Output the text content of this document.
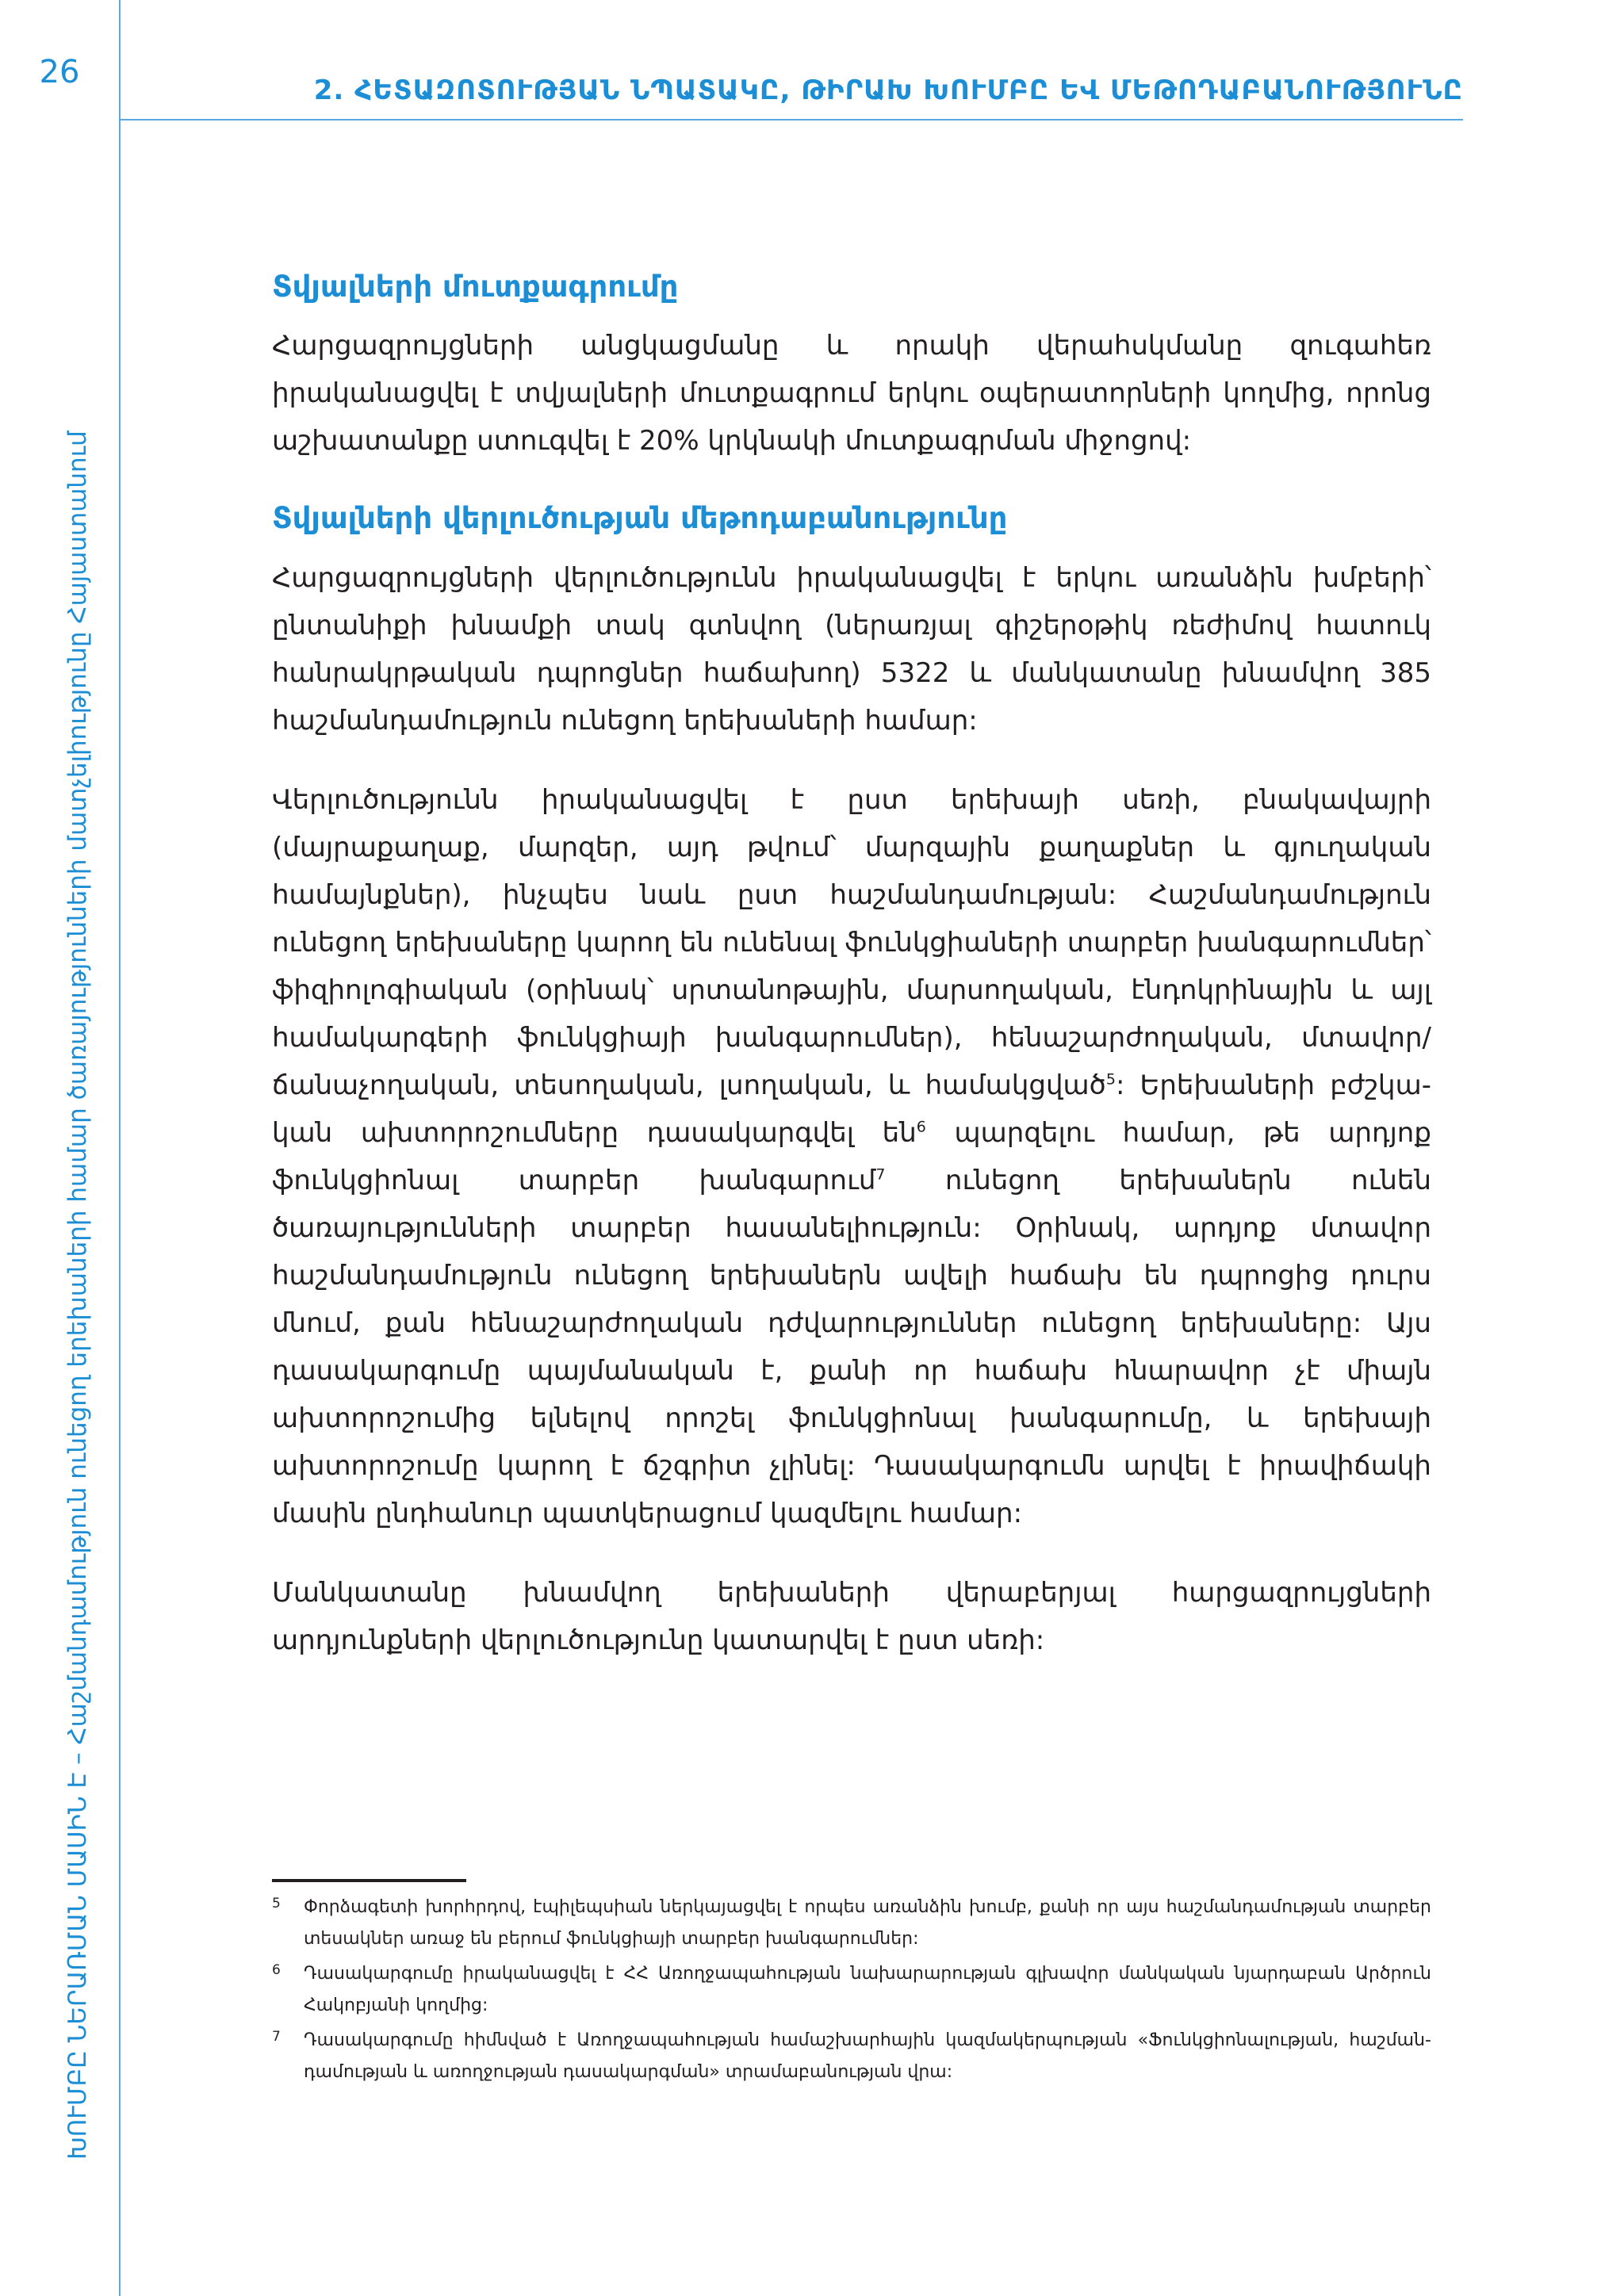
26	2. ՀԵՏԱԶՈՏՈՒԹՅԱՆ ՆՊԱՏԱԿԸ, ԹԻՐԱԽ ԽՈՒՄԲԸ ԵՎ ՄԵԹՈԴԱԲԱՆՈՒԹՅՈՒՆԸ
ԽՈՒՄԲԸ ՆԵՐԱՌՄԱՆ ՄԱՍԻՆ Է – Հաշմանդամություն ունեցող երեխաների համար ծառայությունների մատչելիությունը Հայաստանում
Տվյալների մուտքագրումը

Հարցազրույցների անցկացմանը և որակի վերահսկմանը զուգահեռ իրականացվել է տվյալների մուտքագրում երկու օպերատորների կողմից, որոնց աշխատանքը ստուգվել է 20% կրկնակի մուտքագրման միջոցով:

Տվյալների վերլուծության մեթոդաբանությունը

Հարցազրույցների վերլուծությունն իրականացվել է երկու առանձին խմբերի՝ ընտանիքի խնամքի տակ գտնվող (ներառյալ գիշերօթիկ ռեժիմով հատուկ հանրակրթական դպրոցներ հաճախող) 5322 և մանկատանը խնամվող 385 հաշմանդամություն ունեցող երեխաների համար:

Վերլուծությունն իրականացվել է ըստ երեխայի սեռի, բնակավայրի (մայրաքաղաք, մարզեր, այդ թվում՝ մարզային քաղաքներ և գյուղական համայնքներ), ինչպես նաև ըստ հաշմանդամության: Հաշմանդամություն ունեցող երեխաները կարող են ունենալ ֆունկցիաների տարբեր խանգարումներ՝ ֆիզիոլոգիական (օրինակ՝ սրտանոթային, մարսողական, էնդոկրինային և այլ համակարգերի ֆունկցիայի խանգարումներ), հենաշարժողական, մտավոր/ճանաչողական, տեսողական, լսողական, և համակցված$^5$: Երեխաների բժշկական ախտորոշումները դասակարգվել են$^6$ պարզելու համար, թե արդյոք ֆունկցիոնալ տարբեր խանգարում$^7$ ունեցող երեխաներն ունեն ծառայությունների տարբեր հասանելիություն: Օրինակ, արդյոք մտավոր հաշմանդամություն ունեցող երեխաներն ավելի հաճախ են դպրոցից դուրս մնում, քան հենաշարժողական դժվարություններ ունեցող երեխաները: Այս դասակարգումը պայմանական է, քանի որ հաճախ հնարավոր չէ միայն ախտորոշումից ելնելով որոշել ֆունկցիոնալ խանգարումը, և երեխայի ախտորոշումը կարող է ճշգրիտ չլինել: Դասակարգումն արվել է իրավիճակի մասին ընդհանուր պատկերացում կազմելու համար:

Մանկատանը խնամվող երեխաների վերաբերյալ հարցազրույցների արդյունքների վերլուծությունը կատարվել է ըստ սեռի:

5	Փորձագետի խորհրդով, էպիլեպսիան ներկայացվել է որպես առանձին խումբ, քանի որ այս հաշմանդամության տարբեր տեսակներ առաջ են բերում ֆունկցիայի տարբեր խանգարումներ:
6	Դասակարգումը իրականացվել է ՀՀ Առողջապահության նախարարության գլխավոր մանկական նյարդաբան Արծրուն Հակոբյանի կողմից:
7	Դասակարգումը հիմնված է Առողջապահության համաշխարհային կազմակերպության «Ֆունկցիոնալության, հաշմանդամության և առողջության դասակարգման» տրամաբանության վրա:
